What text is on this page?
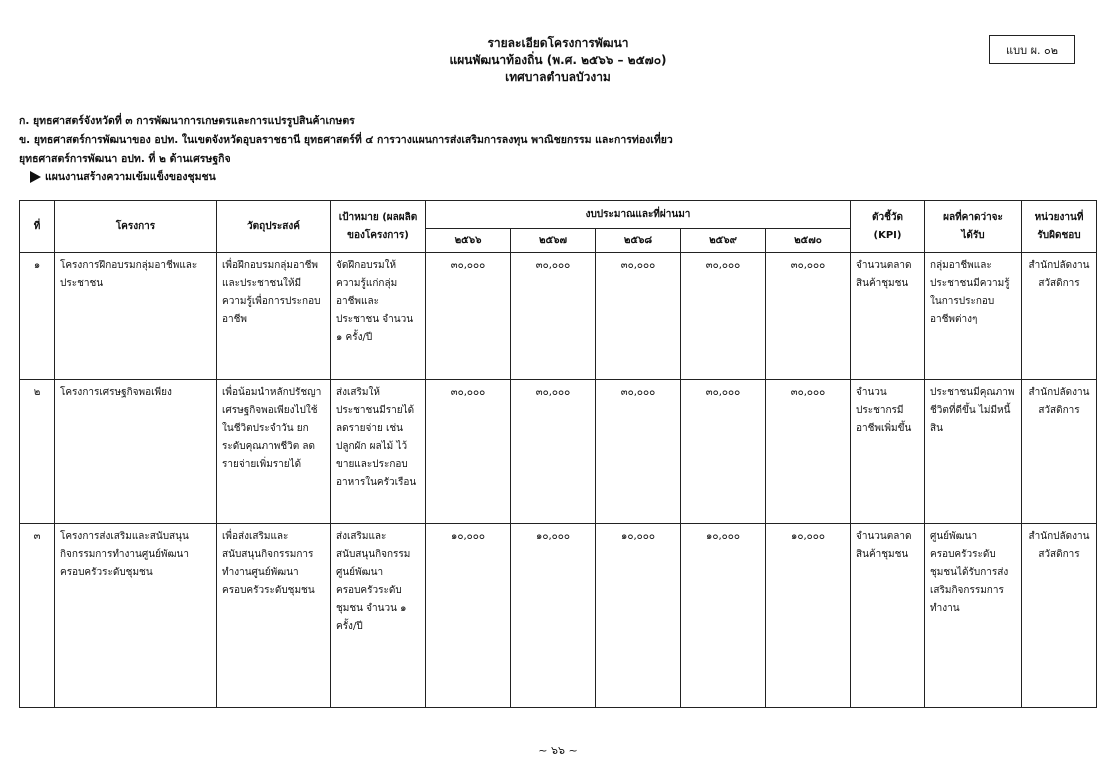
รายละเอียดโครงการพัฒนา
แผนพัฒนาท้องถิ่น (พ.ศ. ๒๕๖๖ – ๒๕๗๐)
เทศบาลตำบลบัวงาม
แบบ ผ. ๐๒
ก. ยุทธศาสตร์จังหวัดที่ ๓ การพัฒนาการเกษตรและการแปรรูปสินค้าเกษตร
ข. ยุทธศาสตร์การพัฒนาของ อปท. ในเขตจังหวัดอุบลราชธานี ยุทธศาสตร์ที่ ๔ การวางแผนการส่งเสริมการลงทุน พาณิชยกรรม และการท่องเที่ยว
ยุทธศาสตร์การพัฒนา อปท. ที่ ๒ ด้านเศรษฐกิจ
แผนงานสร้างความเข้มแข็งของชุมชน
ที่	โครงการ	วัตถุประสงค์	เป้าหมาย (ผลผลิตของโครงการ)	งบประมาณและที่ผ่านมา					ตัวชี้วัด (KPI)	ผลที่คาดว่าจะได้รับ	หน่วยงานที่รับผิดชอบ
				๒๕๖๖	๒๕๖๗	๒๕๖๘	๒๕๖๙	๒๕๗๐			
๑	โครงการฝึกอบรมกลุ่มอาชีพและประชาชน	เพื่อฝึกอบรมกลุ่มอาชีพและประชาชนให้มีความรู้เพื่อการประกอบอาชีพ	จัดฝึกอบรมให้ความรู้แก่กลุ่มอาชีพและประชาชน จำนวน ๑ ครั้ง/ปี	๓๐,๐๐๐	๓๐,๐๐๐	๓๐,๐๐๐	๓๐,๐๐๐	๓๐,๐๐๐	จำนวนตลาดสินค้าชุมชน	กลุ่มอาชีพและประชาชนมีความรู้ในการประกอบอาชีพต่างๆ	สำนักปลัดงานสวัสดิการ
๒	โครงการเศรษฐกิจพอเพียง	เพื่อน้อมนำหลักปรัชญาเศรษฐกิจพอเพียงไปใช้ในชีวิตประจำวัน ยกระดับคุณภาพชีวิต ลดรายจ่ายเพิ่มรายได้	ส่งเสริมให้ประชาชนมีรายได้ลดรายจ่าย เช่น ปลูกผัก ผลไม้ ไว้ขายและประกอบอาหารในครัวเรือน	๓๐,๐๐๐	๓๐,๐๐๐	๓๐,๐๐๐	๓๐,๐๐๐	๓๐,๐๐๐	จำนวนประชากรมีอาชีพเพิ่มขึ้น	ประชาชนมีคุณภาพชีวิตที่ดีขึ้น ไม่มีหนี้สิน	สำนักปลัดงานสวัสดิการ
๓	โครงการส่งเสริมและสนับสนุนกิจกรรมการทำงานศูนย์พัฒนาครอบครัวระดับชุมชน	เพื่อส่งเสริมและสนับสนุนกิจกรรมการทำงานศูนย์พัฒนาครอบครัวระดับชุมชน	ส่งเสริมและสนับสนุนกิจกรรมศูนย์พัฒนาครอบครัวระดับชุมชน จำนวน ๑ ครั้ง/ปี	๑๐,๐๐๐	๑๐,๐๐๐	๑๐,๐๐๐	๑๐,๐๐๐	๑๐,๐๐๐	จำนวนตลาดสินค้าชุมชน	ศูนย์พัฒนาครอบครัวระดับชุมชนได้รับการส่งเสริมกิจกรรมการทำงาน	สำนักปลัดงานสวัสดิการ
~ ๖๖ ~
